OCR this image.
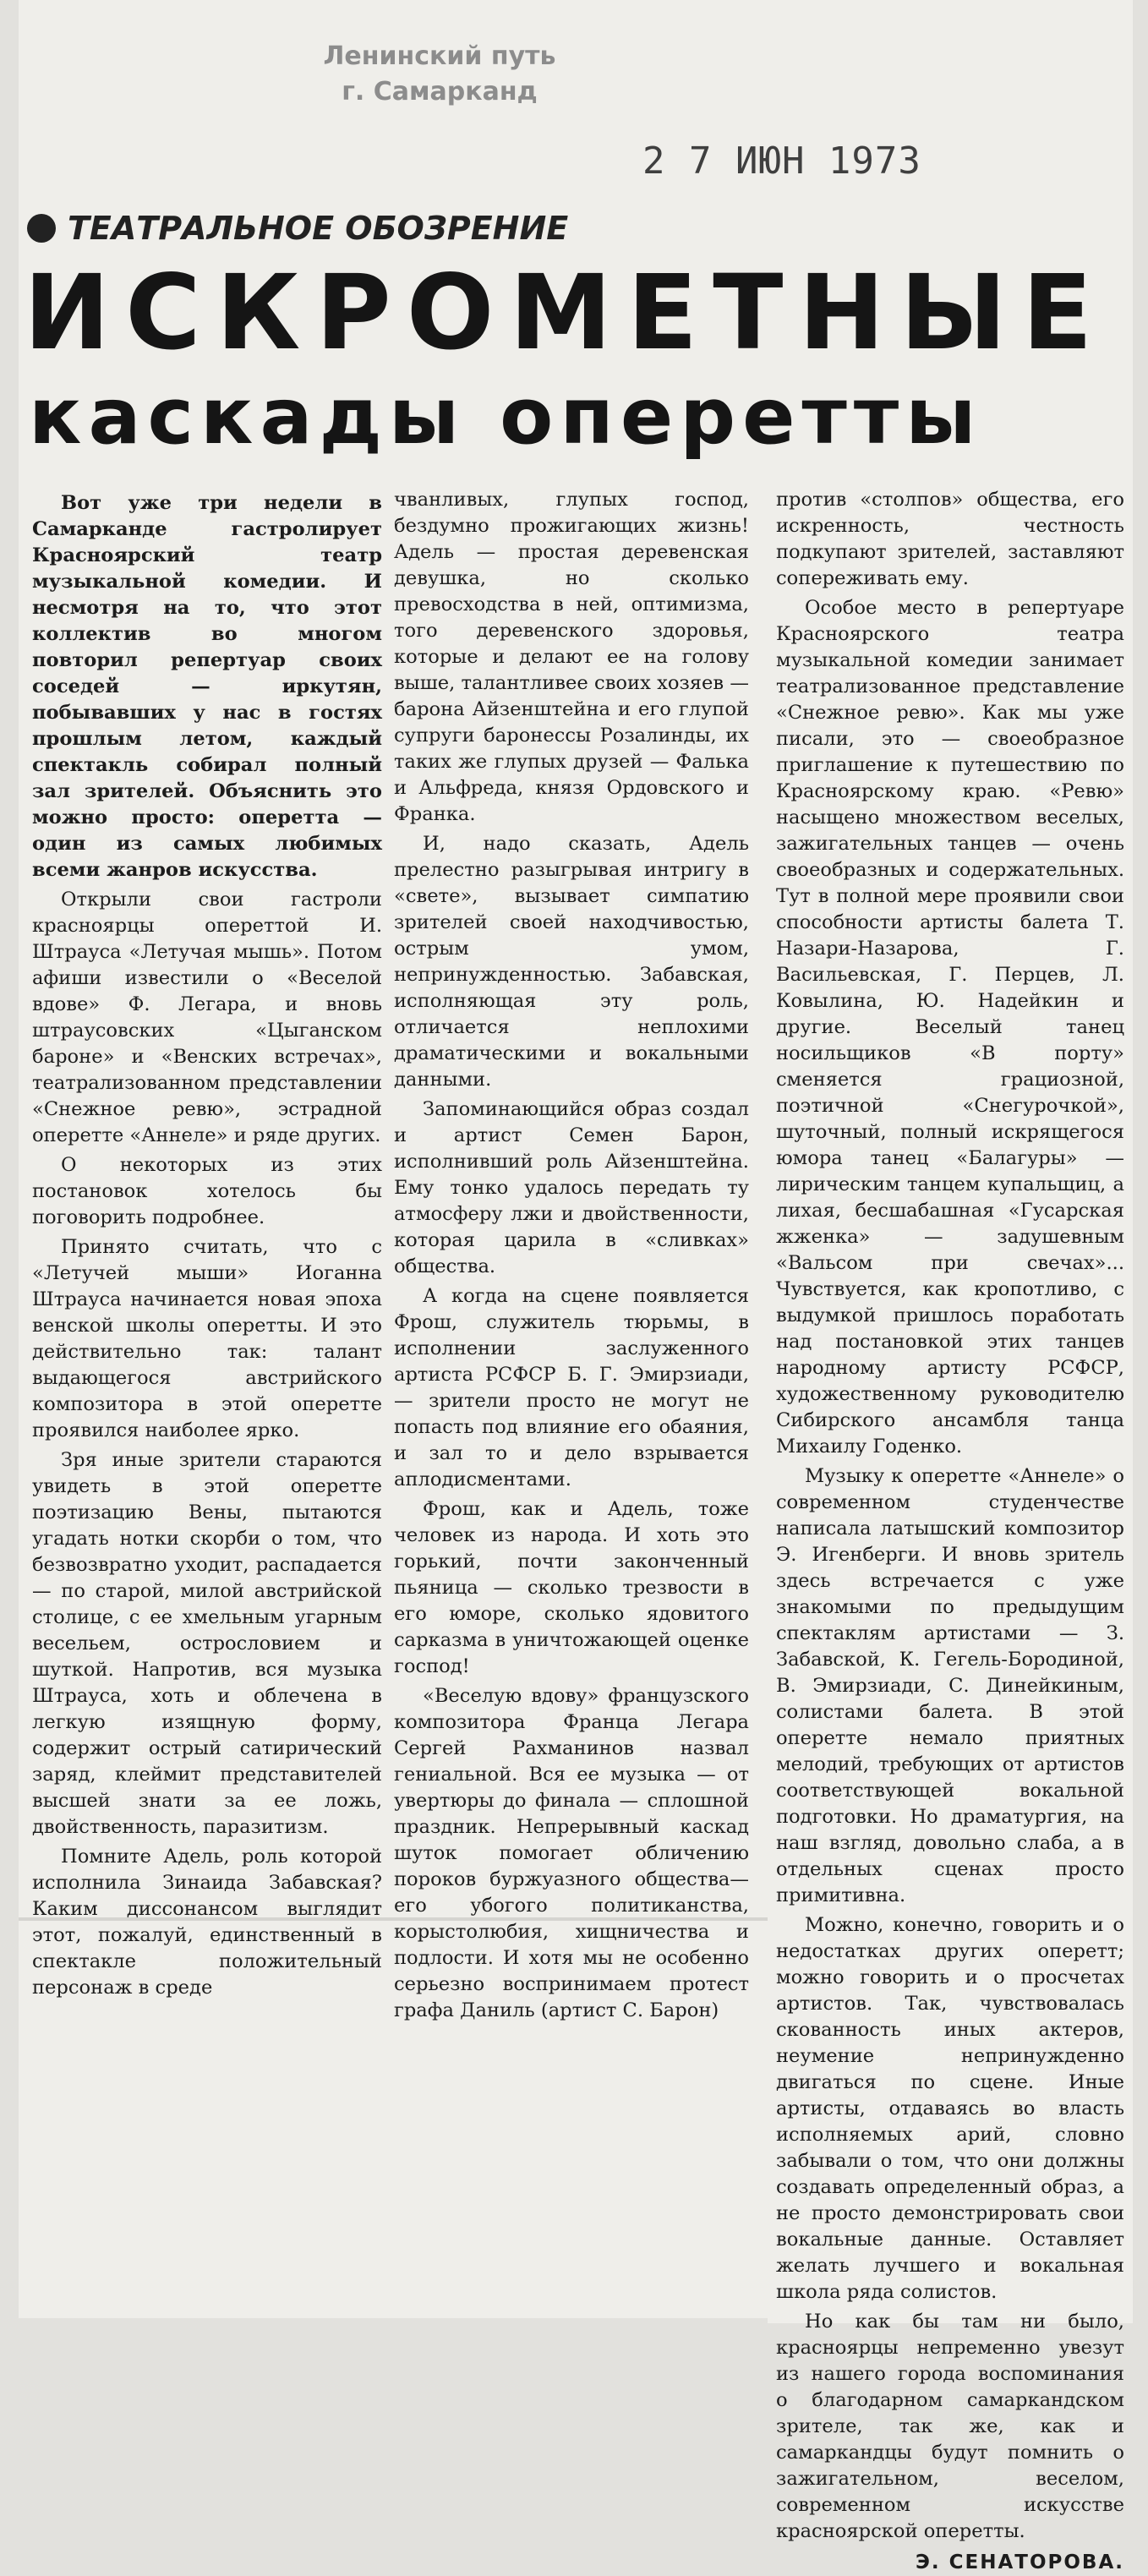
Ленинский путь
г. Самарканд
2 7 ИЮН 1973
ТЕАТРАЛЬНОЕ ОБОЗРЕНИЕ
ИСКРОМЕТНЫЕ
каскады оперетты

Вот уже три недели в Самарканде гастролирует Красноярский театр музыкальной комедии. И несмотря на то, что этот коллектив во многом повторил репертуар своих соседей — иркутян, побывавших у нас в гостях прошлым летом, каждый спектакль собирал полный зал зрителей. Объяснить это можно просто: оперетта — один из самых любимых всеми жанров искусства.

Открыли свои гастроли красноярцы опереттой И. Штрауса «Летучая мышь». Потом афиши известили о «Веселой вдове» Ф. Легара, и вновь штраусовских «Цыганском бароне» и «Венских встречах», театрализованном представлении «Снежное ревю», эстрадной оперетте «Аннеле» и ряде других.

О некоторых из этих постановок хотелось бы поговорить подробнее.

Принято считать, что с «Летучей мыши» Иоганна Штрауса начинается новая эпоха венской школы оперетты. И это действительно так: талант выдающегося австрийского композитора в этой оперетте проявился наиболее ярко.

Зря иные зрители стараются увидеть в этой оперетте поэтизацию Вены, пытаются угадать нотки скорби о том, что безвозвратно уходит, распадается — по старой, милой австрийской столице, с ее хмельным угарным весельем, острословием и шуткой. Напротив, вся музыка Штрауса, хоть и облечена в легкую изящную форму, содержит острый сатирический заряд, клеймит представителей высшей знати за ее ложь, двойственность, паразитизм.

Помните Адель, роль которой исполнила Зинаида Забавская? Каким диссонансом выглядит этот, пожалуй, единственный в спектакле положительный персонаж в среде

чванливых, глупых господ, бездумно прожигающих жизнь! Адель — простая деревенская девушка, но сколько превосходства в ней, оптимизма, того деревенского здоровья, которые и делают ее на голову выше, талантливее своих хозяев — барона Айзенштейна и его глупой супруги баронессы Розалинды, их таких же глупых друзей — Фалька и Альфреда, князя Ордовского и Франка.

И, надо сказать, Адель прелестно разыгрывая интригу в «свете», вызывает симпатию зрителей своей находчивостью, острым умом, непринужденностью. Забавская, исполняющая эту роль, отличается неплохими драматическими и вокальными данными.

Запоминающийся образ создал и артист Семен Барон, исполнивший роль Айзенштейна. Ему тонко удалось передать ту атмосферу лжи и двойственности, которая царила в «сливках» общества.

А когда на сцене появляется Фрош, служитель тюрьмы, в исполнении заслуженного артиста РСФСР Б. Г. Эмирзиади, — зрители просто не могут не попасть под влияние его обаяния, и зал то и дело взрывается аплодисментами.

Фрош, как и Адель, тоже человек из народа. И хоть это горький, почти законченный пьяница — сколько трезвости в его юморе, сколько ядовитого сарказма в уничтожающей оценке господ!

«Веселую вдову» французского композитора Франца Легара Сергей Рахманинов назвал гениальной. Вся ее музыка — от увертюры до финала — сплошной праздник. Непрерывный каскад шуток помогает обличению пороков буржуазного общества—его убогого политиканства, корыстолюбия, хищничества и подлости. И хотя мы не особенно серьезно воспринимаем протест графа Даниль (артист С. Барон)

против «столпов» общества, его искренность, честность подкупают зрителей, заставляют сопереживать ему.

Особое место в репертуаре Красноярского театра музыкальной комедии занимает театрализованное представление «Снежное ревю». Как мы уже писали, это — своеобразное приглашение к путешествию по Красноярскому краю. «Ревю» насыщено множеством веселых, зажигательных танцев — очень своеобразных и содержательных. Тут в полной мере проявили свои способности артисты балета Т. Назари-Назарова, Г. Васильевская, Г. Перцев, Л. Ковылина, Ю. Надейкин и другие. Веселый танец носильщиков «В порту» сменяется грациозной, поэтичной «Снегурочкой», шуточный, полный искрящегося юмора танец «Балагуры» — лирическим танцем купальщиц, а лихая, бесшабашная «Гусарская жженка» — задушевным «Вальсом при свечах»... Чувствуется, как кропотливо, с выдумкой пришлось поработать над постановкой этих танцев народному артисту РСФСР, художественному руководителю Сибирского ансамбля танца Михаилу Годенко.

Музыку к оперетте «Аннеле» о современном студенчестве написала латышский композитор Э. Игенберги. И вновь зритель здесь встречается с уже знакомыми по предыдущим спектаклям артистами — З. Забавской, К. Гегель-Бородиной, В. Эмирзиади, С. Динейкиным, солистами балета. В этой оперетте немало приятных мелодий, требующих от артистов соответствующей вокальной подготовки. Но драматургия, на наш взгляд, довольно слаба, а в отдельных сценах просто примитивна.

Можно, конечно, говорить и о недостатках других оперетт; можно говорить и о просчетах артистов. Так, чувствовалась скованность иных актеров, неумение непринужденно двигаться по сцене. Иные артисты, отдаваясь во власть исполняемых арий, словно забывали о том, что они должны создавать определенный образ, а не просто демонстрировать свои вокальные данные. Оставляет желать лучшего и вокальная школа ряда солистов.

Но как бы там ни было, красноярцы непременно увезут из нашего города воспоминания о благодарном самаркандском зрителе, так же, как и самаркандцы будут помнить о зажигательном, веселом, современном искусстве красноярской оперетты.

Э. СЕНАТОРОВА.
